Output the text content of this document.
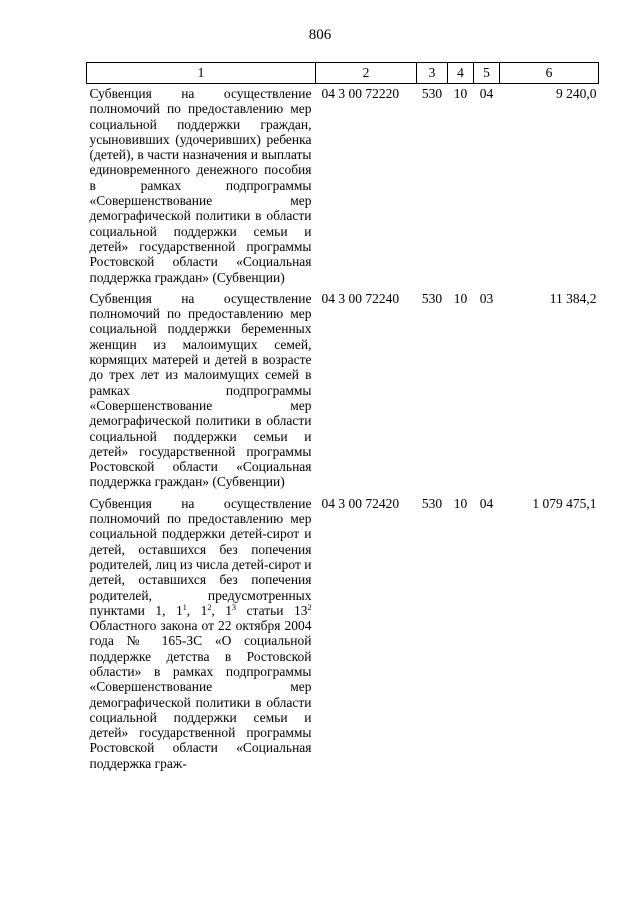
806
1	2	3	4	5	6
Субвенция на осуществление полномочий по предоставлению мер социальной поддержки граждан, усыновивших (удочеривших) ребенка (детей), в части назначения и выплаты единовременного денежного пособия в рамках подпрограммы «Совершенствование мер демографической политики в области социальной поддержки семьи и детей» государственной программы Ростовской области «Социальная поддержка граждан» (Субвенции)	04 3 00 72220	530	10	04	9 240,0
Субвенция на осуществление полномочий по предоставлению мер социальной поддержки беременных женщин из малоимущих семей, кормящих матерей и детей в возрасте до трех лет из малоимущих семей в рамках подпрограммы «Совершенствование мер демографической политики в области социальной поддержки семьи и детей» государственной программы Ростовской области «Социальная поддержка граждан» (Субвенции)	04 3 00 72240	530	10	03	11 384,2
Субвенция на осуществление полномочий по предоставлению мер социальной поддержки детей-сирот и детей, оставшихся без попечения родителей, лиц из числа детей-сирот и детей, оставшихся без попечения родителей, предусмотренных пунктами 1, $1^1$, $1^2$, $1^3$ статьи $13^2$ Областного закона от 22 октября 2004 года № 165-ЗС «О социальной поддержке детства в Ростовской области» в рамках подпрограммы «Совершенствование мер демографической политики в области социальной поддержки семьи и детей» государственной программы Ростовской области «Социальная поддержка граж-	04 3 00 72420	530	10	04	1 079 475,1
